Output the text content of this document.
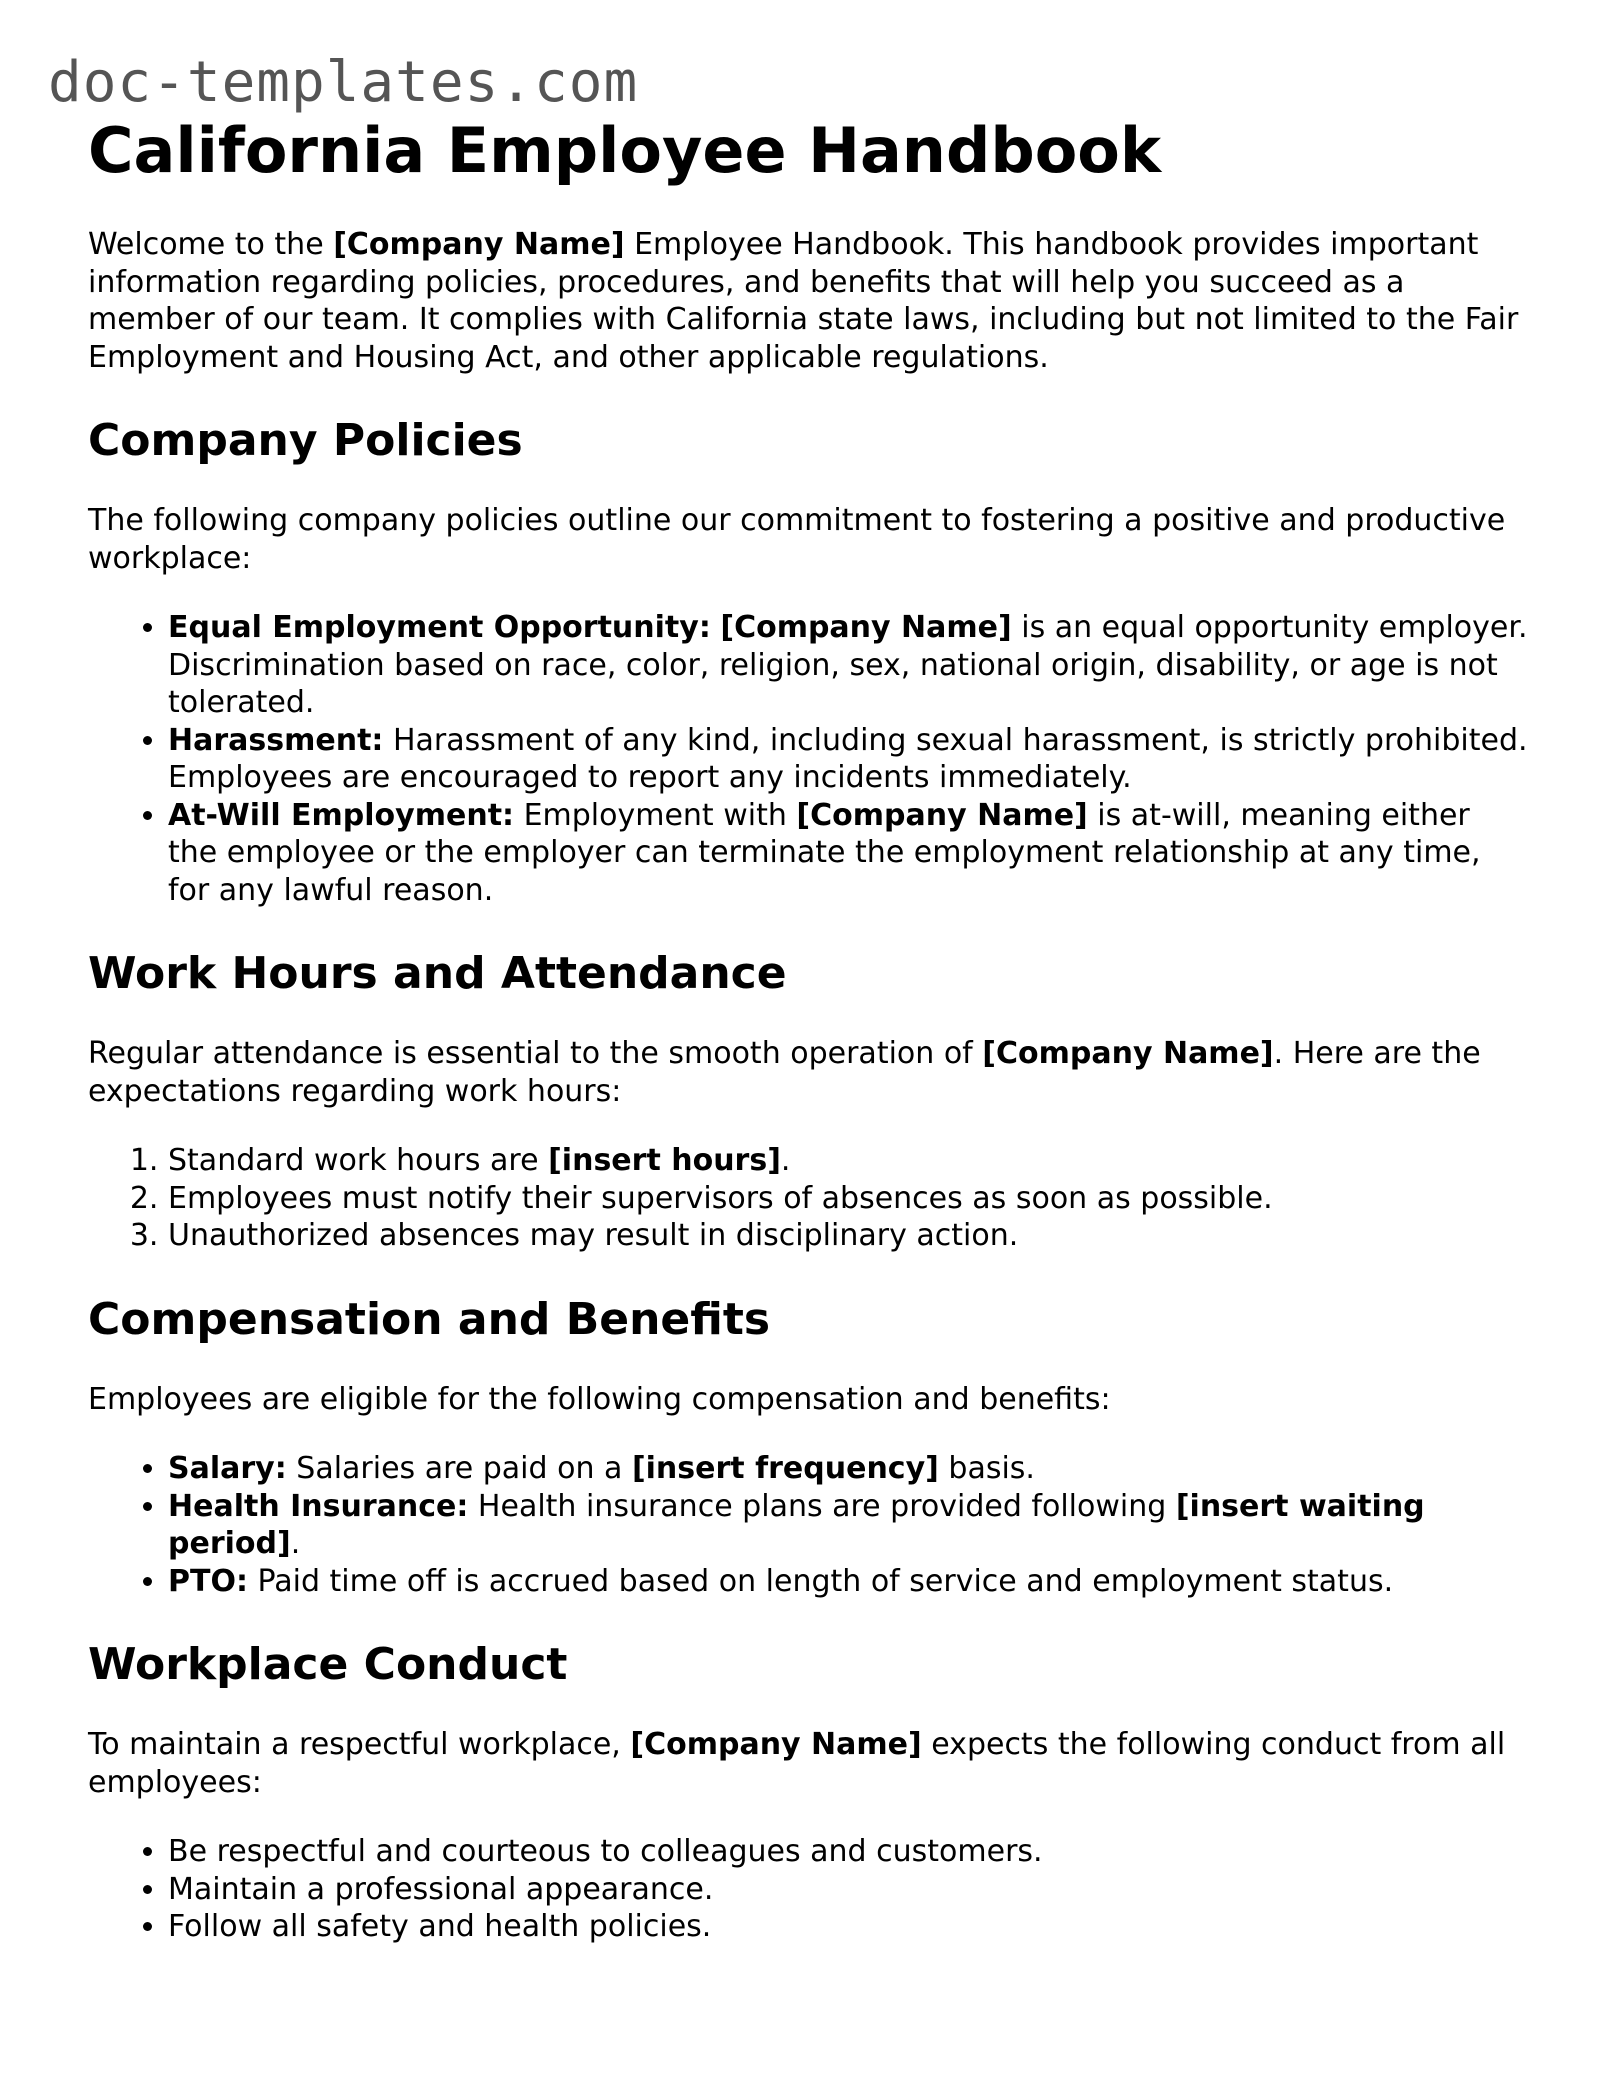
doc-templates.com
California Employee Handbook

Welcome to the [Company Name] Employee Handbook. This handbook provides important information regarding policies, procedures, and benefits that will help you succeed as a member of our team. It complies with California state laws, including but not limited to the Fair Employment and Housing Act, and other applicable regulations.

Company Policies

The following company policies outline our commitment to fostering a positive and productive workplace:

• Equal Employment Opportunity: [Company Name] is an equal opportunity employer. Discrimination based on race, color, religion, sex, national origin, disability, or age is not tolerated.
• Harassment: Harassment of any kind, including sexual harassment, is strictly prohibited. Employees are encouraged to report any incidents immediately.
• At-Will Employment: Employment with [Company Name] is at-will, meaning either the employee or the employer can terminate the employment relationship at any time, for any lawful reason.
Work Hours and Attendance

Regular attendance is essential to the smooth operation of [Company Name]. Here are the expectations regarding work hours:

1. Standard work hours are [insert hours].
2. Employees must notify their supervisors of absences as soon as possible.
3. Unauthorized absences may result in disciplinary action.
Compensation and Benefits

Employees are eligible for the following compensation and benefits:

• Salary: Salaries are paid on a [insert frequency] basis.
• Health Insurance: Health insurance plans are provided following [insert waiting period].
• PTO: Paid time off is accrued based on length of service and employment status.
Workplace Conduct

To maintain a respectful workplace, [Company Name] expects the following conduct from all employees:

• Be respectful and courteous to colleagues and customers.
• Maintain a professional appearance.
• Follow all safety and health policies.
